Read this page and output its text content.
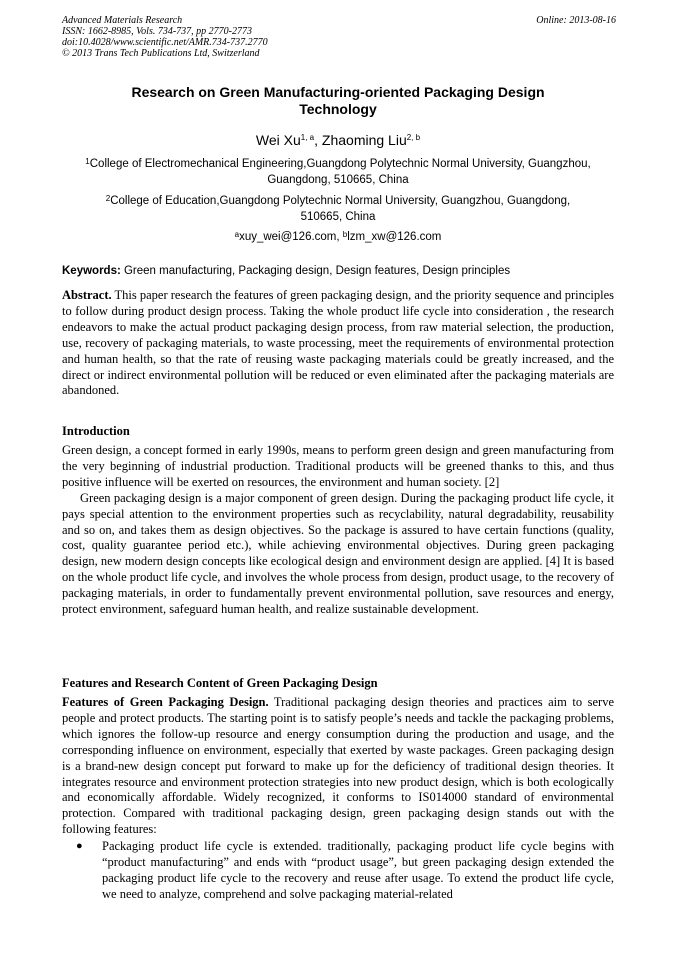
Advanced Materials Research
ISSN: 1662-8985, Vols. 734-737, pp 2770-2773
doi:10.4028/www.scientific.net/AMR.734-737.2770
© 2013 Trans Tech Publications Ltd, Switzerland
Online: 2013-08-16
Research on Green Manufacturing-oriented Packaging Design
Technology
Wei Xu$^{1, a}$, Zhaoming Liu$^{2, b}$
$^1$College of Electromechanical Engineering,Guangdong Polytechnic Normal University, Guangzhou,
Guangdong, 510665, China
$^2$College of Education,Guangdong Polytechnic Normal University, Guangzhou, Guangdong,
510665, China
$^a$xuy_wei@126.com, $^b$lzm_xw@126.com
Keywords: Green manufacturing, Packaging design, Design features, Design principles

Abstract. This paper research the features of green packaging design, and the priority sequence and principles to follow during product design process. Taking the whole product life cycle into consideration , the research endeavors to make the actual product packaging design process, from raw material selection, the production, use, recovery of packaging materials, to waste processing, meet the requirements of environmental protection and human health, so that the rate of reusing waste packaging materials could be greatly increased, and the direct or indirect environmental pollution will be reduced or even eliminated after the packaging materials are abandoned.

Introduction

Green design, a concept formed in early 1990s, means to perform green design and green manufacturing from the very beginning of industrial production. Traditional products will be greened thanks to this, and thus positive influence will be exerted on resources, the environment and human society. [2]

Green packaging design is a major component of green design. During the packaging product life cycle, it pays special attention to the environment properties such as recyclability, natural degradability, reusability and so on, and takes them as design objectives. So the package is assured to have certain functions (quality, cost, quality guarantee period etc.), while achieving environmental objectives. During green packaging design, new modern design concepts like ecological design and environment design are applied. [4] It is based on the whole product life cycle, and involves the whole process from design, product usage, to the recovery of packaging materials, in order to fundamentally prevent environmental pollution, save resources and energy, protect environment, safeguard human health, and realize sustainable development.

Features and Research Content of Green Packaging Design

Features of Green Packaging Design. Traditional packaging design theories and practices aim to serve people and protect products. The starting point is to satisfy people’s needs and tackle the packaging problems, which ignores the follow-up resource and energy consumption during the production and usage, and the corresponding influence on environment, especially that exerted by waste packages. Green packaging design is a brand-new design concept put forward to make up for the deficiency of traditional design theories. It integrates resource and environment protection strategies into new product design, which is both ecologically and economically affordable. Widely recognized, it conforms to IS014000 standard of environmental protection. Compared with traditional packaging design, green packaging design stands out with the following features:

● Packaging product life cycle is extended. traditionally, packaging product life cycle begins with “product manufacturing” and ends with “product usage”, but green packaging design extended the packaging product life cycle to the recovery and reuse after usage. To extend the product life cycle, we need to analyze, comprehend and solve packaging material-related
